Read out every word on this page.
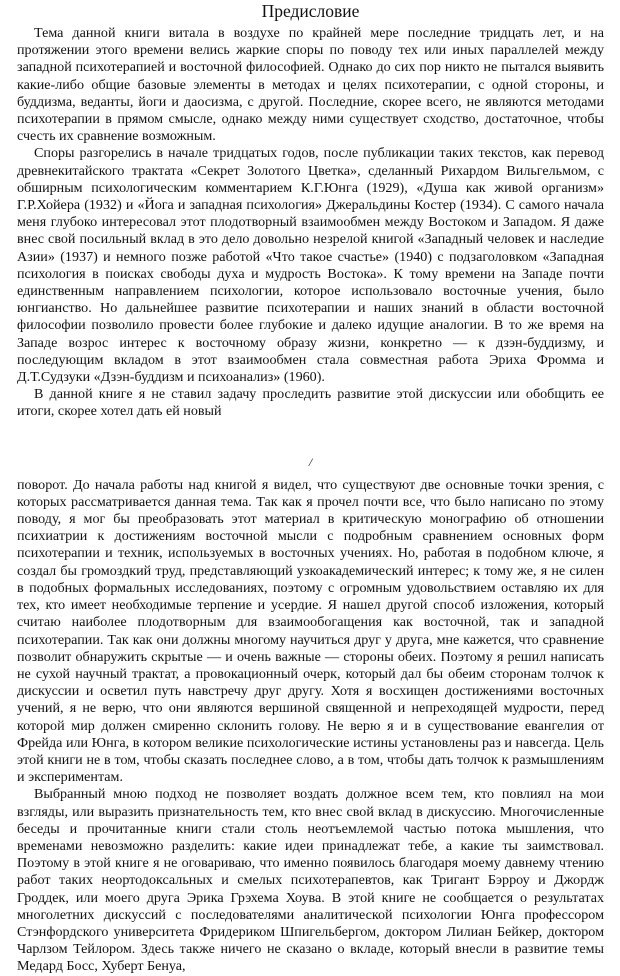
Предисловие

Тема данной книги витала в воздухе по крайней мере последние тридцать лет, и на протяжении этого времени велись жаркие споры по поводу тех или иных параллелей между западной психотерапией и восточной философией. Однако до сих пор никто не пытался выявить какие-либо общие базовые элементы в методах и целях психотерапии, с одной стороны, и буддизма, веданты, йоги и даосизма, с другой. Последние, скорее всего, не являются методами психотерапии в прямом смысле, однако между ними существует сходство, достаточное, чтобы счесть их сравнение возможным.

Споры разгорелись в начале тридцатых годов, после публикации таких текстов, как перевод древнекитайского трактата «Секрет Золотого Цветка», сделанный Рихардом Вильгельмом, с обширным психологическим комментарием К.Г.Юнга (1929), «Душа как живой организм» Г.Р.Хойера (1932) и «Йога и западная психология» Джеральдины Костер (1934). С самого начала меня глубоко интересовал этот плодотворный взаимообмен между Востоком и Западом. Я даже внес свой посильный вклад в это дело довольно незрелой книгой «Западный человек и наследие Азии» (1937) и немного позже работой «Что такое счастье» (1940) с подзаголовком «Западная психология в поисках свободы духа и мудрость Востока». К тому времени на Западе почти единственным направлением психологии, которое использовало восточные учения, было юнгианство. Но дальнейшее развитие психотерапии и наших знаний в области восточной философии позволило провести более глубокие и далеко идущие аналогии. В то же время на Западе возрос интерес к восточному образу жизни, конкретно — к дзэн-буддизму, и последующим вкладом в этот взаимообмен стала совместная работа Эриха Фромма и Д.Т.Судзуки «Дзэн-буддизм и психоанализ» (1960).

В данной книге я не ставил задачу проследить развитие этой дискуссии или обобщить ее итоги, скорее хотел дать ей новый

/

поворот. До начала работы над книгой я видел, что существуют две основные точки зрения, с которых рассматривается данная тема. Так как я прочел почти все, что было написано по этому поводу, я мог бы преобразовать этот материал в критическую монографию об отношении психиатрии к достижениям восточной мысли с подробным сравнением основных форм психотерапии и техник, используемых в восточных учениях. Но, работая в подобном ключе, я создал бы громоздкий труд, представляющий узкоакадемический интерес; к тому же, я не силен в подобных формальных исследованиях, поэтому с огромным удовольствием оставляю их для тех, кто имеет необходимые терпение и усердие. Я нашел другой способ изложения, который считаю наиболее плодотворным для взаимообогащения как восточной, так и западной психотерапии. Так как они должны многому научиться друг у друга, мне кажется, что сравнение позволит обнаружить скрытые — и очень важные — стороны обеих. Поэтому я решил написать не сухой научный трактат, а провокационный очерк, который дал бы обеим сторонам толчок к дискуссии и осветил путь навстречу друг другу. Хотя я восхищен достижениями восточных учений, я не верю, что они являются вершиной священной и непреходящей мудрости, перед которой мир должен смиренно склонить голову. Не верю я и в существование евангелия от Фрейда или Юнга, в котором великие психологические истины установлены раз и навсегда. Цель этой книги не в том, чтобы сказать последнее слово, а в том, чтобы дать толчок к размышлениям и экспериментам.

Выбранный мною подход не позволяет воздать должное всем тем, кто повлиял на мои взгляды, или выразить признательность тем, кто внес свой вклад в дискуссию. Многочисленные беседы и прочитанные книги стали столь неотъемлемой частью потока мышления, что временами невозможно разделить: какие идеи принадлежат тебе, а какие ты заимствовал. Поэтому в этой книге я не оговариваю, что именно появилось благодаря моему давнему чтению работ таких неортодоксальных и смелых психотерапевтов, как Тригант Бэрроу и Джордж Гроддек, или моего друга Эрика Грэхема Хоува. В этой книге не сообщается о результатах многолетних дискуссий с последователями аналитической психологии Юнга профессором Стэнфордского университета Фридериком Шпигельбергом, доктором Лилиан Бейкер, доктором Чарлзом Тейлором. Здесь также ничего не сказано о вкладе, который внесли в развитие темы Медард Босс, Хуберт Бенуа,
